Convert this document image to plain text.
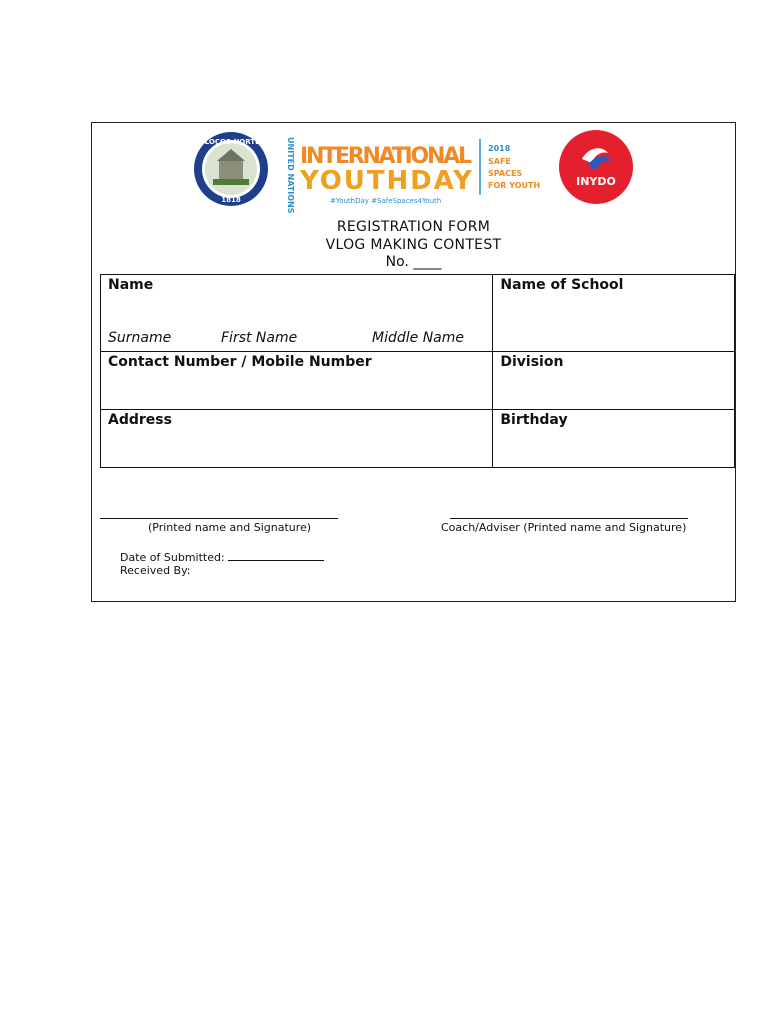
ILOCOS NORTE
1818	UNITED NATIONS INTERNATIONAL
YOUTHDAY
#YouthDay #SafeSpaces4Youth
2018
SAFE
SPACES
FOR YOUTH	INYDO
REGISTRATION FORM
VLOG MAKING CONTEST
No. ____
Name
Surname First Name Middle Name	Name of School
Contact Number / Mobile Number	Division
Address	Birthday
(Printed name and Signature)	Coach/Adviser (Printed name and Signature)
Date of Submitted:
Received By:
